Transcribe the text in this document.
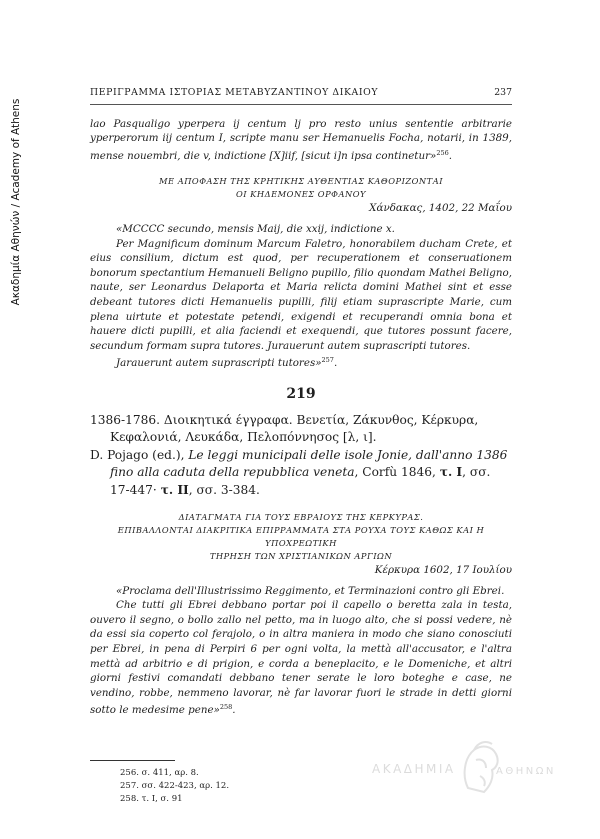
Ακαδημία Αθηνών / Academy of Athens
ΠΕΡΙΓΡΑΜΜΑ ΙΣΤΟΡΙΑΣ ΜΕΤΑΒΥΖΑΝΤΙΝΟΥ ΔΙΚΑΙΟΥ	237

lao Pasqualigo yperpera ij centum lj pro resto unius sententie arbitrarie yperperorum iij centum I, scripte manu ser Hemanuelis Focha, notarii, in 1389, mense nouembri, die v, indictione [X]iif, [sicut i]n ipsa continetur»$^{256}$.

ΜΕ ΑΠΟΦΑΣΗ ΤΗΣ ΚΡΗΤΙΚΗΣ ΑΥΘΕΝΤΙΑΣ ΚΑΘΟΡΙΖΟΝΤΑΙ

ΟΙ ΚΗΔΕΜΟΝΕΣ ΟΡΦΑΝΟΥ

Χάνδακας, 1402, 22 Μαΐου

«MCCCC secundo, mensis Maij, die xxij, indictione x.

Per Magnificum dominum Marcum Faletro, honorabilem ducham Crete, et eius consilium, dictum est quod, per recuperationem et conseruationem bonorum spectantium Hemanueli Beligno pupillo, filio quondam Mathei Beligno, naute, ser Leonardus Delaporta et Maria relicta domini Mathei sint et esse debeant tutores dicti Hemanuelis pupilli, filij etiam suprascripte Marie, cum plena uirtute et potestate petendi, exigendi et recuperandi omnia bona et hauere dicti pupilli, et alia faciendi et exequendi, que tutores possunt facere, secundum formam supra tutores. Jurauerunt autem suprascripti tutores.

Jarauerunt autem suprascripti tutores»$^{257}$.

219

1386-1786. Διοικητικά έγγραφα. Βενετία, Ζάκυνθος, Κέρκυρα, Κεφαλονιά, Λευκάδα, Πελοπόννησος [λ, ι].

D. Pojago (ed.), Le leggi municipali delle isole Jonie, dall'anno 1386 fino alla caduta della repubblica veneta, Corfù 1846, τ. I, σσ. 17-447· τ. II, σσ. 3-384.

ΔΙΑΤΑΓΜΑΤΑ ΓΙΑ ΤΟΥΣ ΕΒΡΑΙΟΥΣ ΤΗΣ ΚΕΡΚΥΡΑΣ.

ΕΠΙΒΑΛΛΟΝΤΑΙ ΔΙΑΚΡΙΤΙΚΑ ΕΠΙΡΡΑΜΜΑΤΑ ΣΤΑ ΡΟΥΧΑ ΤΟΥΣ ΚΑΘΩΣ ΚΑΙ Η ΥΠΟΧΡΕΩΤΙΚΗ

ΤΗΡΗΣΗ ΤΩΝ ΧΡΙΣΤΙΑΝΙΚΩΝ ΑΡΓΙΩΝ

Κέρκυρα 1602, 17 Ιουλίου

«Proclama dell'Illustrissimo Reggimento, et Terminazioni contro gli Ebrei.

Che tutti gli Ebrei debbano portar poi il capello o beretta zala in testa, ouvero il segno, o bollo zallo nel petto, ma in luogo alto, che si possi vedere, nè da essi sia coperto col ferajolo, o in altra maniera in modo che siano conosciuti per Ebrei, in pena di Perpiri 6 per ogni volta, la mettà all'accusator, e l'altra mettà ad arbitrio e di prigion, e corda a beneplacito, e le Domeniche, et altri giorni festivi comandati debbano tener serate le loro boteghe e case, ne vendino, robbe, nemmeno lavorar, nè far lavorar fuori le strade in detti giorni sotto le medesime pene»$^{258}$.

256. σ. 411, αρ. 8.

257. σσ. 422-423, αρ. 12.

258. τ. I, σ. 91

ΑΚΑΔΗΜΙΑ	ΑΘΗΝΩΝ
